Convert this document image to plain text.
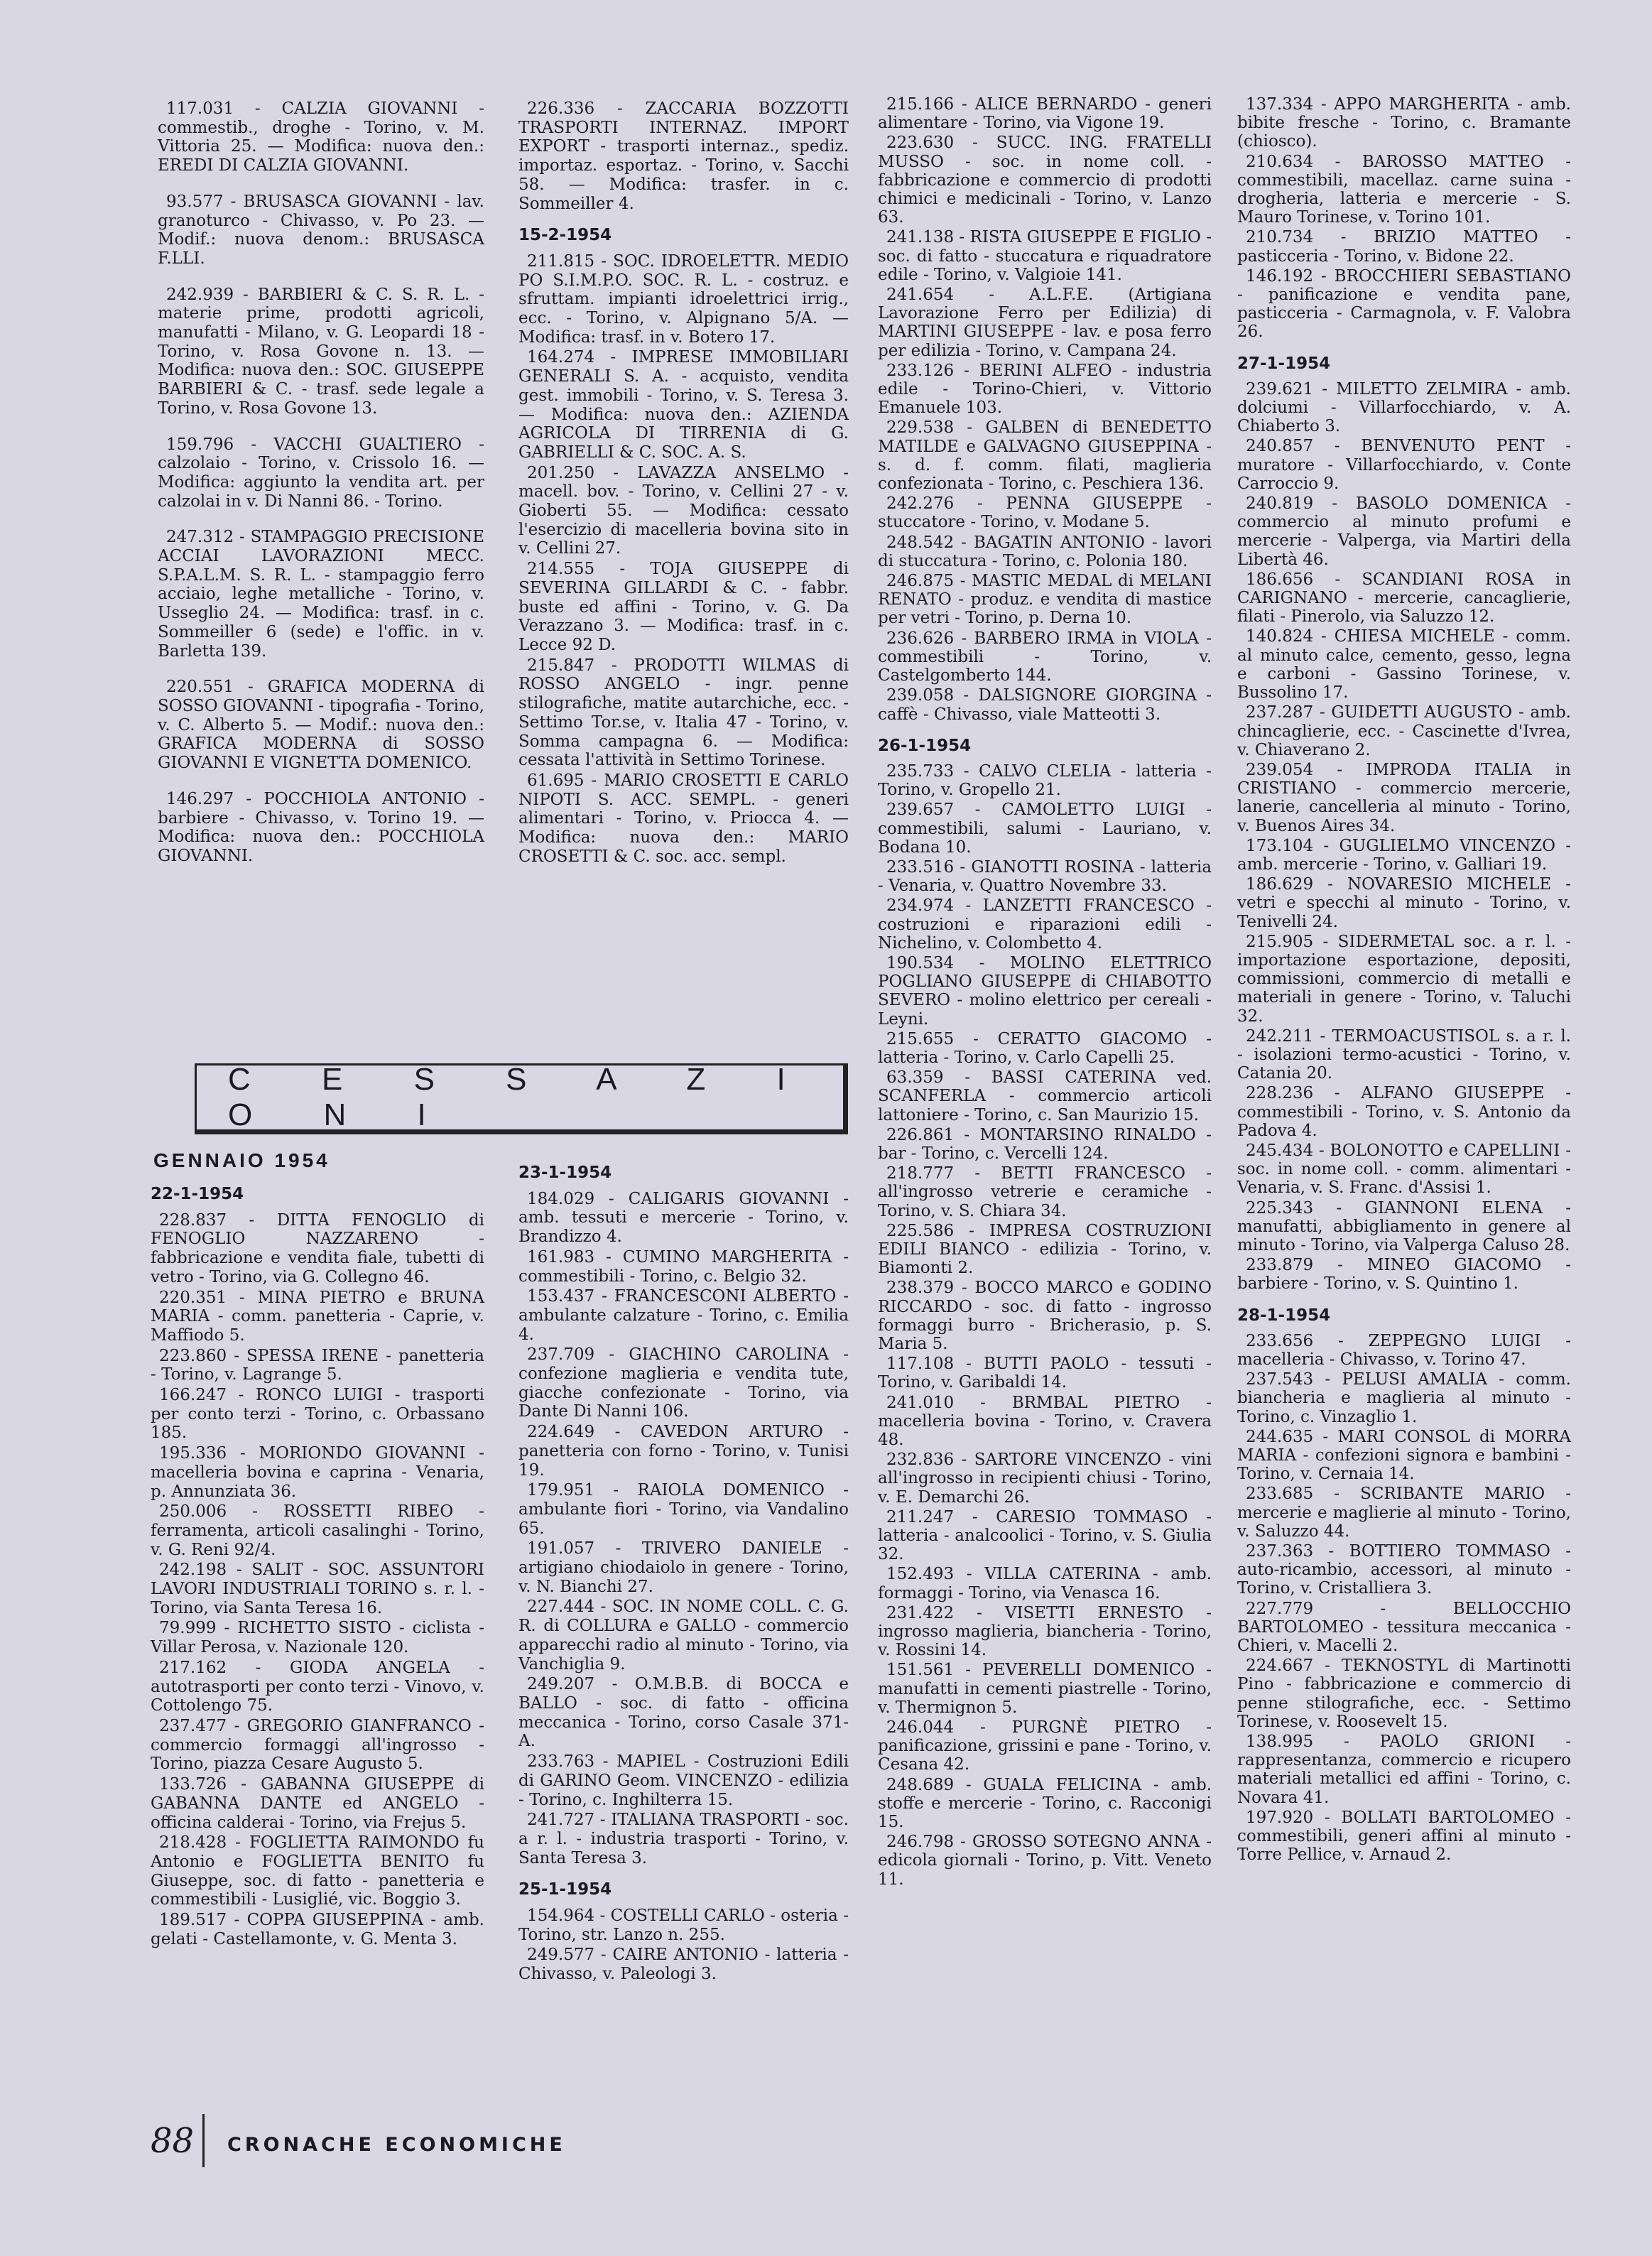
117.031 - CALZIA GIOVANNI - commestib., droghe - Torino, v. M. Vittoria 25. — Modifica: nuova den.: EREDI DI CALZIA GIOVANNI.
93.577 - BRUSASCA GIOVANNI - lav. granoturco - Chivasso, v. Po 23. — Modif.: nuova denom.: BRUSASCA F.LLI.
242.939 - BARBIERI & C. S. R. L. - materie prime, prodotti agricoli, manufatti - Milano, v. G. Leopardi 18 - Torino, v. Rosa Govone n. 13. — Modifica: nuova den.: SOC. GIUSEPPE BARBIERI & C. - trasf. sede legale a Torino, v. Rosa Govone 13.
159.796 - VACCHI GUALTIERO - calzolaio - Torino, v. Crissolo 16. — Modifica: aggiunto la vendita art. per calzolai in v. Di Nanni 86. - Torino.
247.312 - STAMPAGGIO PRECISIONE ACCIAI LAVORAZIONI MECC. S.P.A.L.M. S. R. L. - stampaggio ferro acciaio, leghe metalliche - Torino, v. Usseglio 24. — Modifica: trasf. in c. Sommeiller 6 (sede) e l'offic. in v. Barletta 139.
220.551 - GRAFICA MODERNA di SOSSO GIOVANNI - tipografia - Torino, v. C. Alberto 5. — Modif.: nuova den.: GRAFICA MODERNA di SOSSO GIOVANNI E VIGNETTA DOMENICO.
146.297 - POCCHIOLA ANTONIO - barbiere - Chivasso, v. Torino 19. — Modifica: nuova den.: POCCHIOLA GIOVANNI.
226.336 - ZACCARIA BOZZOTTI TRASPORTI INTERNAZ. IMPORT EXPORT - trasporti internaz., spediz. importaz. esportaz. - Torino, v. Sacchi 58. — Modifica: trasfer. in c. Sommeiller 4.
15-2-1954
211.815 - SOC. IDROELETTR. MEDIO PO S.I.M.P.O. SOC. R. L. - costruz. e sfruttam. impianti idroelettrici irrig., ecc. - Torino, v. Alpignano 5/A. — Modifica: trasf. in v. Botero 17.
164.274 - IMPRESE IMMOBILIARI GENERALI S. A. - acquisto, vendita gest. immobili - Torino, v. S. Teresa 3. — Modifica: nuova den.: AZIENDA AGRICOLA DI TIRRENIA di G. GABRIELLI & C. SOC. A. S.
201.250 - LAVAZZA ANSELMO - macell. bov. - Torino, v. Cellini 27 - v. Gioberti 55. — Modifica: cessato l'esercizio di macelleria bovina sito in v. Cellini 27.
214.555 - TOJA GIUSEPPE di SEVERINA GILLARDI & C. - fabbr. buste ed affini - Torino, v. G. Da Verazzano 3. — Modifica: trasf. in c. Lecce 92 D.
215.847 - PRODOTTI WILMAS di ROSSO ANGELO - ingr. penne stilografiche, matite autarchiche, ecc. - Settimo Tor.se, v. Italia 47 - Torino, v. Somma campagna 6. — Modifica: cessata l'attività in Settimo Torinese.
61.695 - MARIO CROSETTI E CARLO NIPOTI S. ACC. SEMPL. - generi alimentari - Torino, v. Priocca 4. — Modifica: nuova den.: MARIO CROSETTI & C. soc. acc. sempl.
C E S S A Z I O N I
GENNAIO 1954
22-1-1954
228.837 - DITTA FENOGLIO di FENOGLIO NAZZARENO - fabbricazione e vendita fiale, tubetti di vetro - Torino, via G. Collegno 46.
220.351 - MINA PIETRO e BRUNA MARIA - comm. panetteria - Caprie, v. Maffiodo 5.
223.860 - SPESSA IRENE - panetteria - Torino, v. Lagrange 5.
166.247 - RONCO LUIGI - trasporti per conto terzi - Torino, c. Orbassano 185.
195.336 - MORIONDO GIOVANNI - macelleria bovina e caprina - Venaria, p. Annunziata 36.
250.006 - ROSSETTI RIBEO - ferramenta, articoli casalinghi - Torino, v. G. Reni 92/4.
242.198 - SALIT - SOC. ASSUNTORI LAVORI INDUSTRIALI TORINO s. r. l. - Torino, via Santa Teresa 16.
79.999 - RICHETTO SISTO - ciclista - Villar Perosa, v. Nazionale 120.
217.162 - GIODA ANGELA - autotrasporti per conto terzi - Vinovo, v. Cottolengo 75.
237.477 - GREGORIO GIANFRANCO - commercio formaggi all'ingrosso - Torino, piazza Cesare Augusto 5.
133.726 - GABANNA GIUSEPPE di GABANNA DANTE ed ANGELO - officina calderai - Torino, via Frejus 5.
218.428 - FOGLIETTA RAIMONDO fu Antonio e FOGLIETTA BENITO fu Giuseppe, soc. di fatto - panetteria e commestibili - Lusiglié, vic. Boggio 3.
189.517 - COPPA GIUSEPPINA - amb. gelati - Castellamonte, v. G. Menta 3.
23-1-1954
184.029 - CALIGARIS GIOVANNI - amb. tessuti e mercerie - Torino, v. Brandizzo 4.
161.983 - CUMINO MARGHERITA - commestibili - Torino, c. Belgio 32.
153.437 - FRANCESCONI ALBERTO - ambulante calzature - Torino, c. Emilia 4.
237.709 - GIACHINO CAROLINA - confezione maglieria e vendita tute, giacche confezionate - Torino, via Dante Di Nanni 106.
224.649 - CAVEDON ARTURO - panetteria con forno - Torino, v. Tunisi 19.
179.951 - RAIOLA DOMENICO - ambulante fiori - Torino, via Vandalino 65.
191.057 - TRIVERO DANIELE - artigiano chiodaiolo in genere - Torino, v. N. Bianchi 27.
227.444 - SOC. IN NOME COLL. C. G. R. di COLLURA e GALLO - commercio apparecchi radio al minuto - Torino, via Vanchiglia 9.
249.207 - O.M.B.B. di BOCCA e BALLO - soc. di fatto - officina meccanica - Torino, corso Casale 371-A.
233.763 - MAPIEL - Costruzioni Edili di GARINO Geom. VINCENZO - edilizia - Torino, c. Inghilterra 15.
241.727 - ITALIANA TRASPORTI - soc. a r. l. - industria trasporti - Torino, v. Santa Teresa 3.
25-1-1954
154.964 - COSTELLI CARLO - osteria - Torino, str. Lanzo n. 255.
249.577 - CAIRE ANTONIO - latteria - Chivasso, v. Paleologi 3.
215.166 - ALICE BERNARDO - generi alimentare - Torino, via Vigone 19.
223.630 - SUCC. ING. FRATELLI MUSSO - soc. in nome coll. - fabbricazione e commercio di prodotti chimici e medicinali - Torino, v. Lanzo 63.
241.138 - RISTA GIUSEPPE E FIGLIO - soc. di fatto - stuccatura e riquadratore edile - Torino, v. Valgioie 141.
241.654 - A.L.F.E. (Artigiana Lavorazione Ferro per Edilizia) di MARTINI GIUSEPPE - lav. e posa ferro per edilizia - Torino, v. Campana 24.
233.126 - BERINI ALFEO - industria edile - Torino-Chieri, v. Vittorio Emanuele 103.
229.538 - GALBEN di BENEDETTO MATILDE e GALVAGNO GIUSEPPINA - s. d. f. comm. filati, maglieria confezionata - Torino, c. Peschiera 136.
242.276 - PENNA GIUSEPPE - stuccatore - Torino, v. Modane 5.
248.542 - BAGATIN ANTONIO - lavori di stuccatura - Torino, c. Polonia 180.
246.875 - MASTIC MEDAL di MELANI RENATO - produz. e vendita di mastice per vetri - Torino, p. Derna 10.
236.626 - BARBERO IRMA in VIOLA - commestibili - Torino, v. Castelgomberto 144.
239.058 - DALSIGNORE GIORGINA - caffè - Chivasso, viale Matteotti 3.
26-1-1954
235.733 - CALVO CLELIA - latteria - Torino, v. Gropello 21.
239.657 - CAMOLETTO LUIGI - commestibili, salumi - Lauriano, v. Bodana 10.
233.516 - GIANOTTI ROSINA - latteria - Venaria, v. Quattro Novembre 33.
234.974 - LANZETTI FRANCESCO - costruzioni e riparazioni edili - Nichelino, v. Colombetto 4.
190.534 - MOLINO ELETTRICO POGLIANO GIUSEPPE di CHIABOTTO SEVERO - molino elettrico per cereali - Leyni.
215.655 - CERATTO GIACOMO - latteria - Torino, v. Carlo Capelli 25.
63.359 - BASSI CATERINA ved. SCANFERLA - commercio articoli lattoniere - Torino, c. San Maurizio 15.
226.861 - MONTARSINO RINALDO - bar - Torino, c. Vercelli 124.
218.777 - BETTI FRANCESCO - all'ingrosso vetrerie e ceramiche - Torino, v. S. Chiara 34.
225.586 - IMPRESA COSTRUZIONI EDILI BIANCO - edilizia - Torino, v. Biamonti 2.
238.379 - BOCCO MARCO e GODINO RICCARDO - soc. di fatto - ingrosso formaggi burro - Bricherasio, p. S. Maria 5.
117.108 - BUTTI PAOLO - tessuti - Torino, v. Garibaldi 14.
241.010 - BRMBAL PIETRO - macelleria bovina - Torino, v. Cravera 48.
232.836 - SARTORE VINCENZO - vini all'ingrosso in recipienti chiusi - Torino, v. E. Demarchi 26.
211.247 - CARESIO TOMMASO - latteria - analcoolici - Torino, v. S. Giulia 32.
152.493 - VILLA CATERINA - amb. formaggi - Torino, via Venasca 16.
231.422 - VISETTI ERNESTO - ingrosso maglieria, biancheria - Torino, v. Rossini 14.
151.561 - PEVERELLI DOMENICO - manufatti in cementi piastrelle - Torino, v. Thermignon 5.
246.044 - PURGNÈ PIETRO - panificazione, grissini e pane - Torino, v. Cesana 42.
248.689 - GUALA FELICINA - amb. stoffe e mercerie - Torino, c. Racconigi 15.
246.798 - GROSSO SOTEGNO ANNA - edicola giornali - Torino, p. Vitt. Veneto 11.
137.334 - APPO MARGHERITA - amb. bibite fresche - Torino, c. Bramante (chiosco).
210.634 - BAROSSO MATTEO - commestibili, macellaz. carne suina - drogheria, latteria e mercerie - S. Mauro Torinese, v. Torino 101.
210.734 - BRIZIO MATTEO - pasticceria - Torino, v. Bidone 22.
146.192 - BROCCHIERI SEBASTIANO - panificazione e vendita pane, pasticceria - Carmagnola, v. F. Valobra 26.
27-1-1954
239.621 - MILETTO ZELMIRA - amb. dolciumi - Villarfocchiardo, v. A. Chiaberto 3.
240.857 - BENVENUTO PENT - muratore - Villarfocchiardo, v. Conte Carroccio 9.
240.819 - BASOLO DOMENICA - commercio al minuto profumi e mercerie - Valperga, via Martiri della Libertà 46.
186.656 - SCANDIANI ROSA in CARIGNANO - mercerie, cancaglierie, filati - Pinerolo, via Saluzzo 12.
140.824 - CHIESA MICHELE - comm. al minuto calce, cemento, gesso, legna e carboni - Gassino Torinese, v. Bussolino 17.
237.287 - GUIDETTI AUGUSTO - amb. chincaglierie, ecc. - Cascinette d'Ivrea, v. Chiaverano 2.
239.054 - IMPRODA ITALIA in CRISTIANO - commercio mercerie, lanerie, cancelleria al minuto - Torino, v. Buenos Aires 34.
173.104 - GUGLIELMO VINCENZO - amb. mercerie - Torino, v. Galliari 19.
186.629 - NOVARESIO MICHELE - vetri e specchi al minuto - Torino, v. Tenivelli 24.
215.905 - SIDERMETAL soc. a r. l. - importazione esportazione, depositi, commissioni, commercio di metalli e materiali in genere - Torino, v. Taluchi 32.
242.211 - TERMOACUSTISOL s. a r. l. - isolazioni termo-acustici - Torino, v. Catania 20.
228.236 - ALFANO GIUSEPPE - commestibili - Torino, v. S. Antonio da Padova 4.
245.434 - BOLONOTTO e CAPELLINI - soc. in nome coll. - comm. alimentari - Venaria, v. S. Franc. d'Assisi 1.
225.343 - GIANNONI ELENA - manufatti, abbigliamento in genere al minuto - Torino, via Valperga Caluso 28.
233.879 - MINEO GIACOMO - barbiere - Torino, v. S. Quintino 1.
28-1-1954
233.656 - ZEPPEGNO LUIGI - macelleria - Chivasso, v. Torino 47.
237.543 - PELUSI AMALIA - comm. biancheria e maglieria al minuto - Torino, c. Vinzaglio 1.
244.635 - MARI CONSOL di MORRA MARIA - confezioni signora e bambini - Torino, v. Cernaia 14.
233.685 - SCRIBANTE MARIO - mercerie e maglierie al minuto - Torino, v. Saluzzo 44.
237.363 - BOTTIERO TOMMASO - auto-ricambio, accessori, al minuto - Torino, v. Cristalliera 3.
227.779 - BELLOCCHIO BARTOLOMEO - tessitura meccanica - Chieri, v. Macelli 2.
224.667 - TEKNOSTYL di Martinotti Pino - fabbricazione e commercio di penne stilografiche, ecc. - Settimo Torinese, v. Roosevelt 15.
138.995 - PAOLO GRIONI - rappresentanza, commercio e ricupero materiali metallici ed affini - Torino, c. Novara 41.
197.920 - BOLLATI BARTOLOMEO - commestibili, generi affini al minuto - Torre Pellice, v. Arnaud 2.
88 CRONACHE ECONOMICHE
